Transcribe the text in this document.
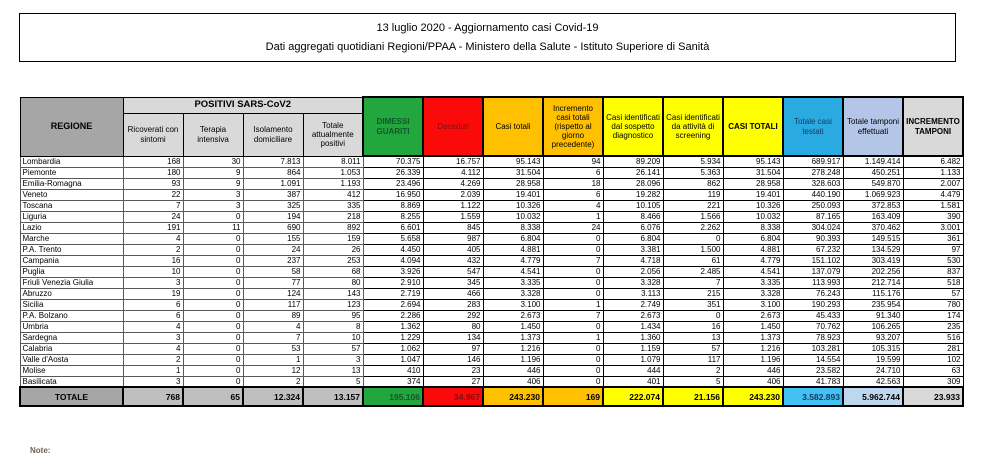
13 luglio 2020 - Aggiornamento casi Covid-19
Dati aggregati quotidiani Regioni/PPAA - Ministero della Salute - Istituto Superiore di Sanità
REGIONE	POSITIVI SARS-CoV2				DIMESSI GUARITI	Deceduti	Casi totali	Incremento casi totali (rispetto al giorno precedente)	Casi identificati dal sospetto diagnostico	Casi identificati da attività di screening	CASI TOTALI	Totale casi testati	Totale tamponi effettuati	INCREMENTO TAMPONI
	Ricoverati con sintomi	Terapia intensiva	Isolamento domiciliare	Totale attualmente positivi										
Lombardia	168	30	7.813	8.011	70.375	16.757	95.143	94	89.209	5.934	95.143	689.917	1.149.414	6.482
Piemonte	180	9	864	1.053	26.339	4.112	31.504	6	26.141	5.363	31.504	278.248	450.251	1.133
Emilia-Romagna	93	9	1.091	1.193	23.496	4.269	28.958	18	28.096	862	28.958	328.603	549.870	2.007
Veneto	22	3	387	412	16.950	2.039	19.401	6	19.282	119	19.401	440.190	1.069.923	4.479
Toscana	7	3	325	335	8.869	1.122	10.326	4	10.105	221	10.326	250.093	372.853	1.581
Liguria	24	0	194	218	8.255	1.559	10.032	1	8.466	1.566	10.032	87.165	163.409	390
Lazio	191	11	690	892	6.601	845	8.338	24	6.076	2.262	8.338	304.024	370.462	3.001
Marche	4	0	155	159	5.658	987	6.804	0	6.804	0	6.804	90.393	149.515	361
P.A. Trento	2	0	24	26	4.450	405	4.881	0	3.381	1.500	4.881	67.232	134.529	97
Campania	16	0	237	253	4.094	432	4.779	7	4.718	61	4.779	151.102	303.419	530
Puglia	10	0	58	68	3.926	547	4.541	0	2.056	2.485	4.541	137.079	202.256	837
Friuli Venezia Giulia	3	0	77	80	2.910	345	3.335	0	3.328	7	3.335	113.993	212.714	518
Abruzzo	19	0	124	143	2.719	466	3.328	0	3.113	215	3.328	76.243	115.176	57
Sicilia	6	0	117	123	2.694	283	3.100	1	2.749	351	3.100	190.293	235.954	780
P.A. Bolzano	6	0	89	95	2.286	292	2.673	7	2.673	0	2.673	45.433	91.340	174
Umbria	4	0	4	8	1.362	80	1.450	0	1.434	16	1.450	70.762	106.265	235
Sardegna	3	0	7	10	1.229	134	1.373	1	1.360	13	1.373	78.923	93.207	516
Calabria	4	0	53	57	1.062	97	1.216	0	1.159	57	1.216	103.281	105.315	281
Valle d'Aosta	2	0	1	3	1.047	146	1.196	0	1.079	117	1.196	14.554	19.599	102
Molise	1	0	12	13	410	23	446	0	444	2	446	23.582	24.710	63
Basilicata	3	0	2	5	374	27	406	0	401	5	406	41.783	42.563	309
TOTALE	768	65	12.324	13.157	195.106	34.967	243.230	169	222.074	21.156	243.230	3.582.893	5.962.744	23.933
Note:
